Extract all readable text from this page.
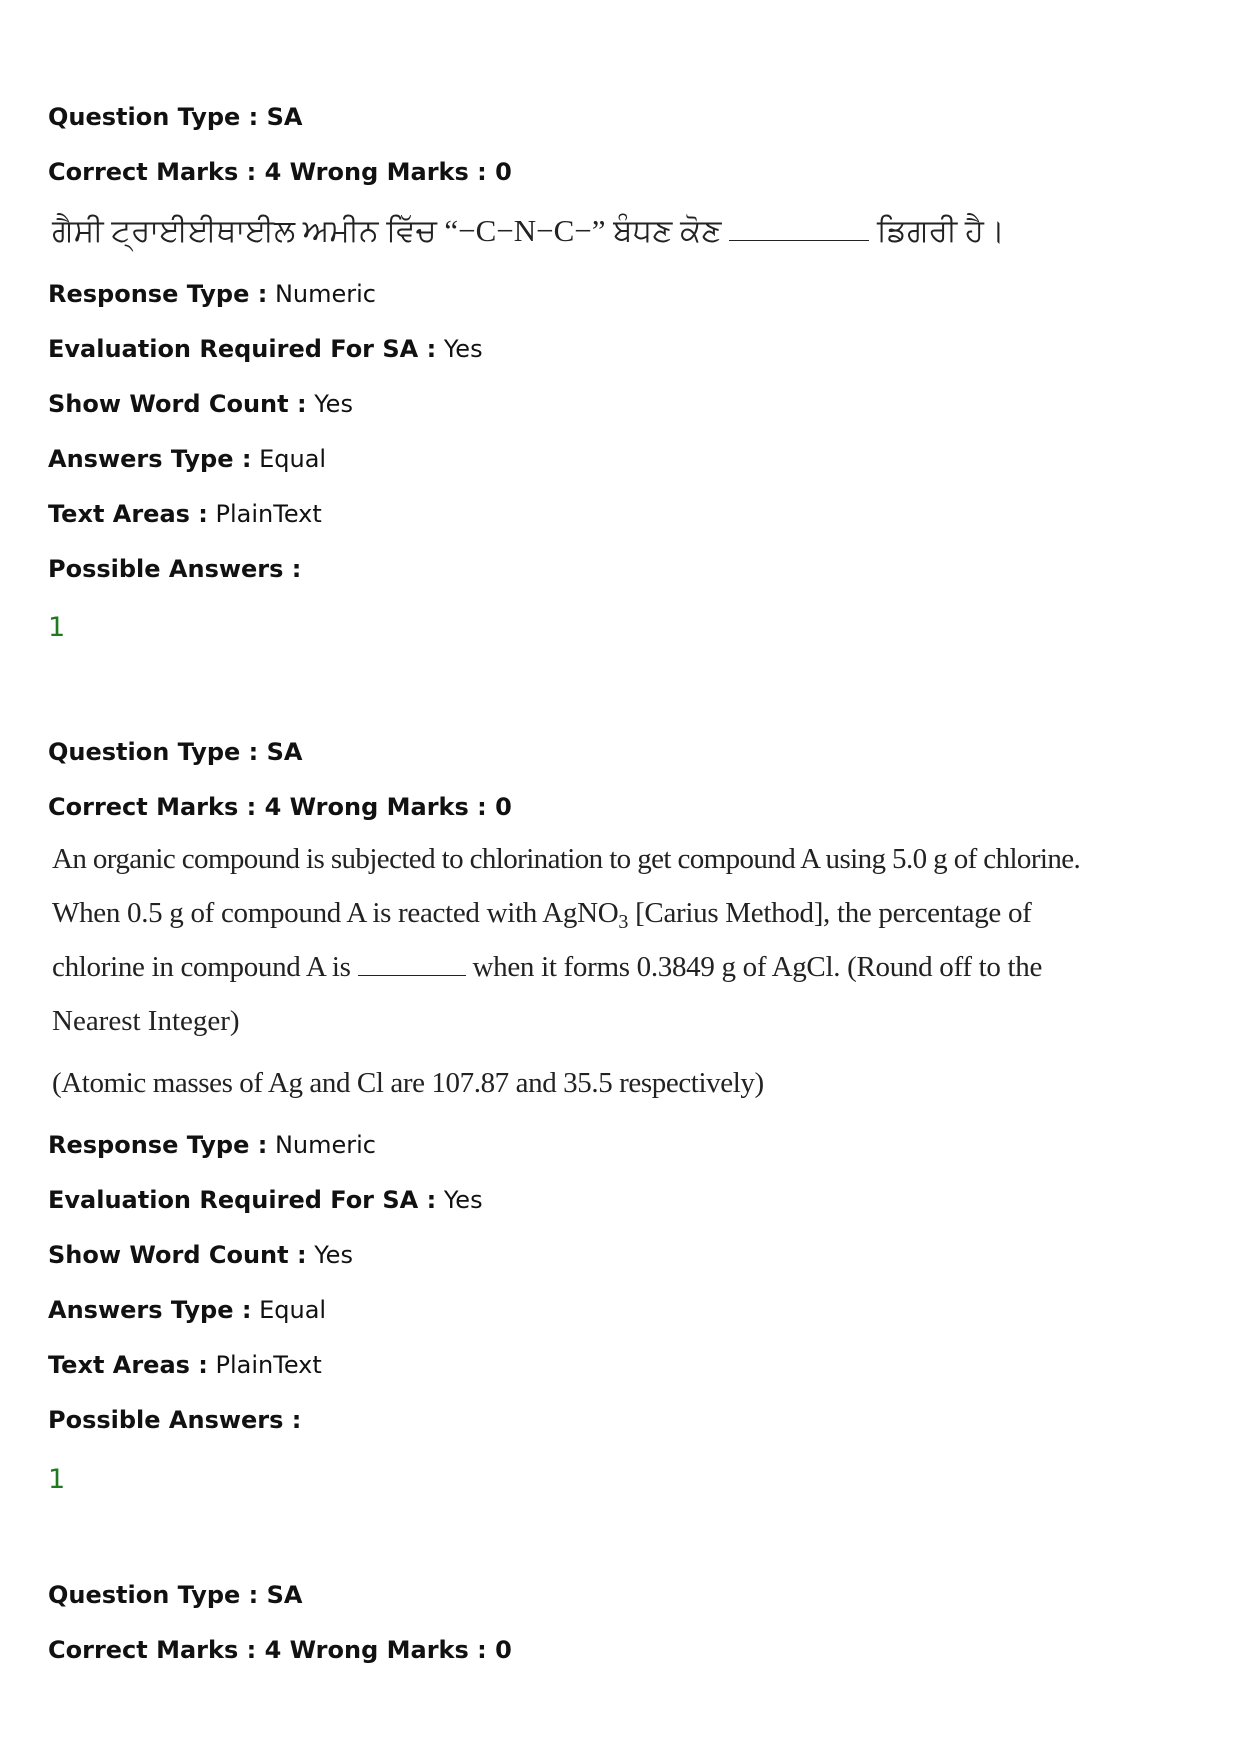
Question Type : SA
Correct Marks : 4 Wrong Marks : 0
ਗੈਸੀ ਟ੍ਰਾਈਈਥਾਈਲ ਅਮੀਨ ਵਿੱਚ “−C−N−C−” ਬੰਧਣ ਕੋਣ	ਡਿਗਰੀ ਹੈ।
Response Type : Numeric
Evaluation Required For SA : Yes
Show Word Count : Yes
Answers Type : Equal
Text Areas : PlainText
Possible Answers :
1
Question Type : SA
Correct Marks : 4 Wrong Marks : 0
An organic compound is subjected to chlorination to get compound A using 5.0 g of chlorine.
When 0.5 g of compound A is reacted with AgNO$_3$ [Carius Method], the percentage of
chlorine in compound A is	when it forms 0.3849 g of AgCl. (Round off to the
Nearest Integer)
(Atomic masses of Ag and Cl are 107.87 and 35.5 respectively)
Response Type : Numeric
Evaluation Required For SA : Yes
Show Word Count : Yes
Answers Type : Equal
Text Areas : PlainText
Possible Answers :
1
Question Type : SA
Correct Marks : 4 Wrong Marks : 0
